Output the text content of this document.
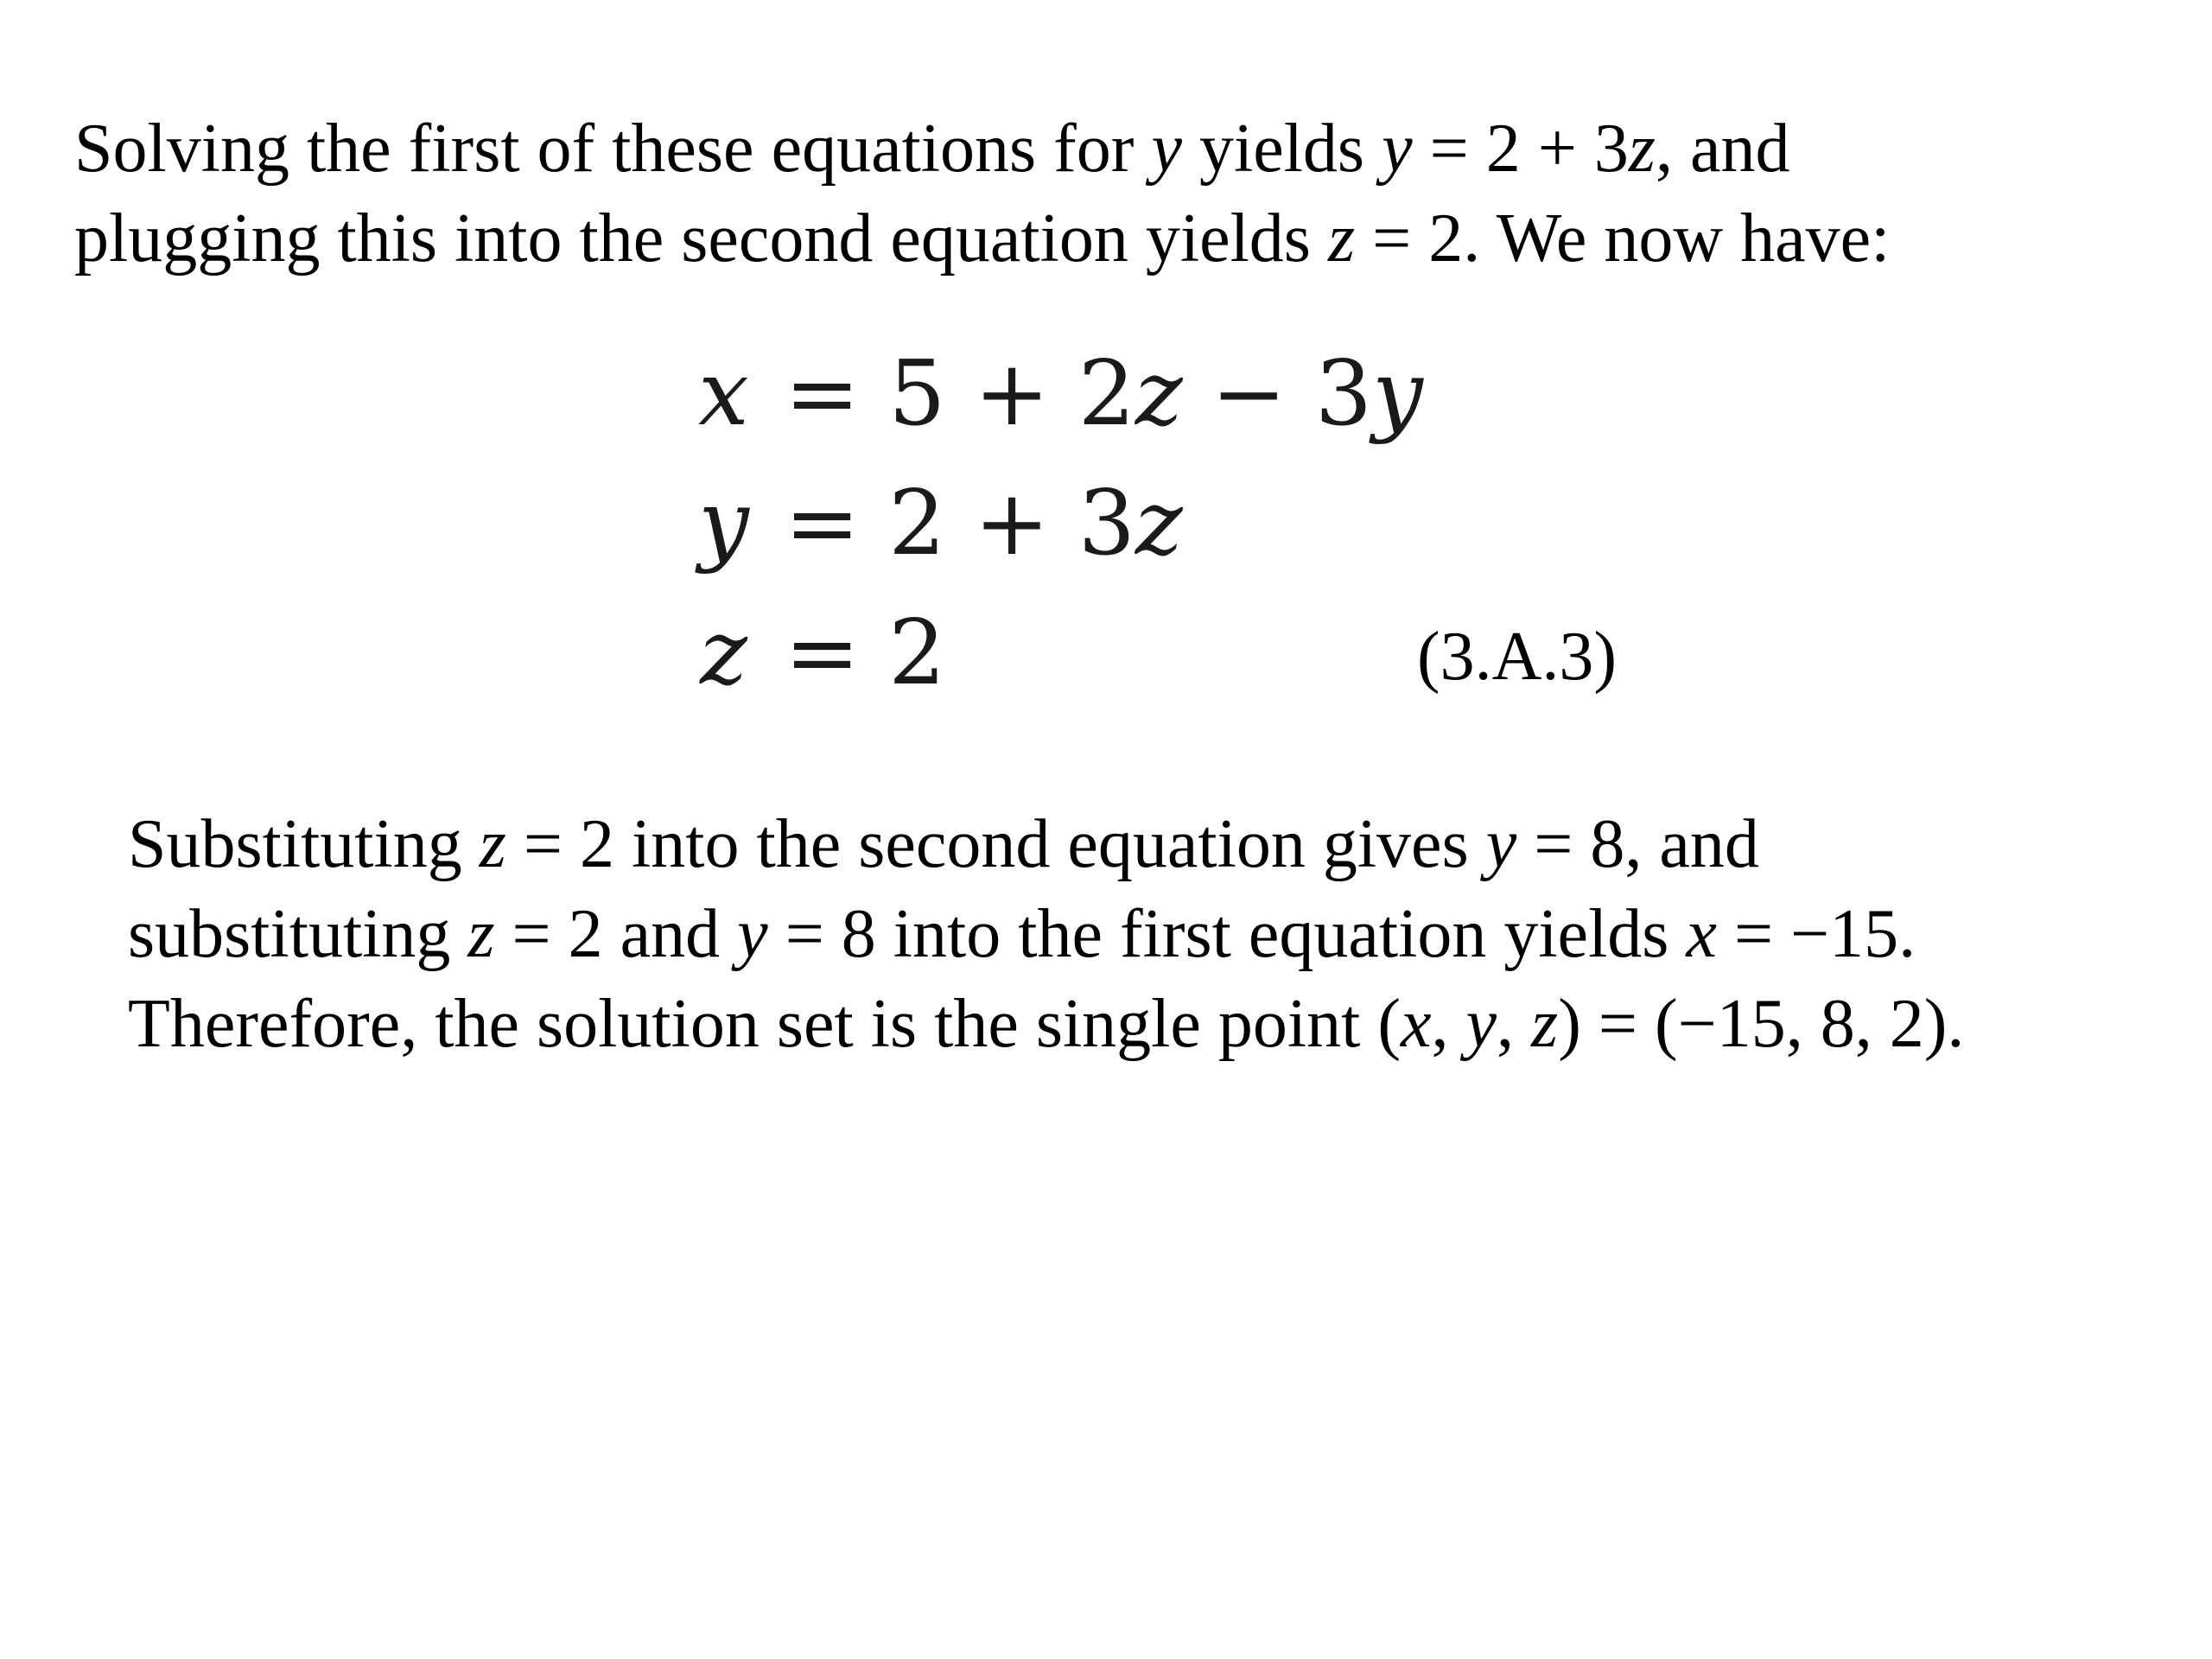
Solving the first of these equations for y yields y = 2 + 3z, and
plugging this into the second equation yields z = 2. We now have:

x = 5 + 2z − 3y
y = 2 + 3z
z = 2	(3.A.3)

Substituting z = 2 into the second equation gives y = 8, and
substituting z = 2 and y = 8 into the first equation yields x = −15.
Therefore, the solution set is the single point (x, y, z) = (−15, 8, 2).
